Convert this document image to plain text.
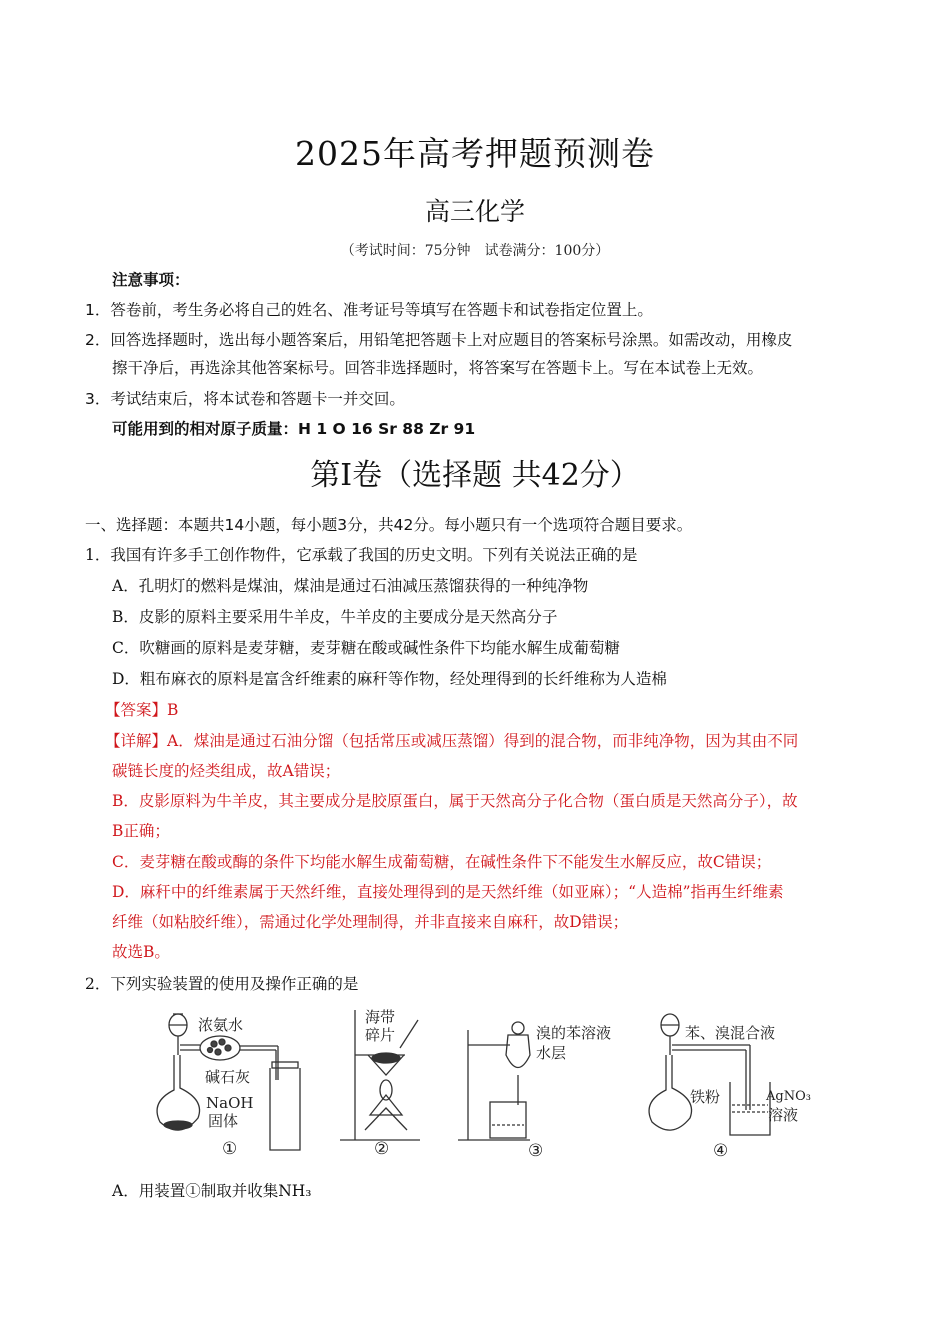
2025年高考押题预测卷
高三化学
（考试时间：75分钟　试卷满分：100分）
注意事项：
1．答卷前，考生务必将自己的姓名、准考证号等填写在答题卡和试卷指定位置上。
2．回答选择题时，选出每小题答案后，用铅笔把答题卡上对应题目的答案标号涂黑。如需改动，用橡皮
擦干净后，再选涂其他答案标号。回答非选择题时，将答案写在答题卡上。写在本试卷上无效。
3．考试结束后，将本试卷和答题卡一并交回。
可能用到的相对原子质量：H 1 O 16 Sr 88 Zr 91
第Ⅰ卷（选择题 共42分）
一、选择题：本题共14小题，每小题3分，共42分。每小题只有一个选项符合题目要求。
1．我国有许多手工创作物件，它承载了我国的历史文明。下列有关说法正确的是
A．孔明灯的燃料是煤油，煤油是通过石油减压蒸馏获得的一种纯净物
B．皮影的原料主要采用牛羊皮，牛羊皮的主要成分是天然高分子
C．吹糖画的原料是麦芽糖，麦芽糖在酸或碱性条件下均能水解生成葡萄糖
D．粗布麻衣的原料是富含纤维素的麻秆等作物，经处理得到的长纤维称为人造棉
【答案】B
【详解】A．煤油是通过石油分馏（包括常压或减压蒸馏）得到的混合物，而非纯净物，因为其由不同
碳链长度的烃类组成，故A错误；
B．皮影原料为牛羊皮，其主要成分是胶原蛋白，属于天然高分子化合物（蛋白质是天然高分子），故
B正确；
C．麦芽糖在酸或酶的条件下均能水解生成葡萄糖，在碱性条件下不能发生水解反应，故C错误；
D．麻秆中的纤维素属于天然纤维，直接处理得到的是天然纤维（如亚麻）；“人造棉”指再生纤维素
纤维（如粘胶纤维），需通过化学处理制得，并非直接来自麻秆，故D错误；
故选B。
2．下列实验装置的使用及操作正确的是
浓氨水
碱石灰
NaOH
固体
海带
碎片	溴的苯溶液
水层
苯、溴混合液
铁粉	AgNO₃
溶液
①	②	③	④
A．用装置①制取并收集NH₃
